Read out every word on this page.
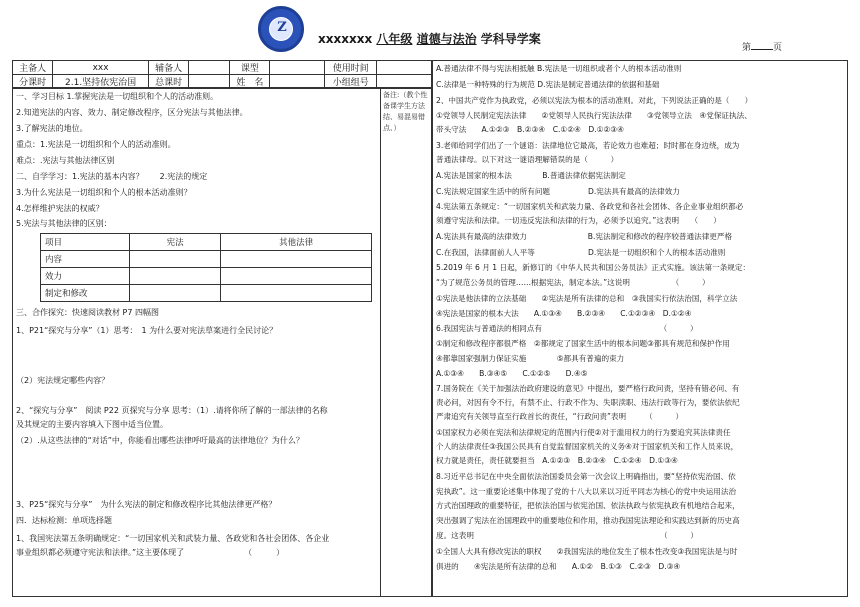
Z
xxxxxxx 八年级 道德与法治 学科导学案
第 页
主备人	xxx	辅备人		课型		使用时间	
分课时	2.1.坚持依宪治国	总课时		姓　名		小组组号	
备注:（教个性备课学生方法结、易混易错点、）
一、学习目标 1.掌握宪法是一切组织和个人的活动准则。
2.知道宪法的内容、效力、制定修改程序，区分宪法与其他法律。
3.了解宪法的地位。
重点：1.宪法是一切组织和个人的活动准则。
难点：.宪法与其他法律区别
二、自学学习：1.宪法的基本内容？　　2.宪法的规定
3.为什么宪法是一切组织和个人的根本活动准则？
4.怎样维护宪法的权威？
5.宪法与其他法律的区别：
项目	宪法	其他法律
内容		
效力		
制定和修改		
三、合作探究：快速阅读教材 P7 四幅图
1、P21“探究与分享”（1）思考：　1 为什么要对宪法草案进行全民讨论？
（2）宪法规定哪些内容？
2、“探究与分享”　阅读 P22 页探究与分享 思考：（1）.请将你所了解的一部法律的名称
及其规定的主要内容填入下图中适当位置。
（2）.从这些法律的“对话”中，你能看出哪些法律呼吁最高的法律地位？为什么？
3、P25“探究与分享”　为什么宪法的制定和修改程序比其他法律更严格？
四．达标检测：单项选择题
1、我国宪法第五条明确规定：“一切国家机关和武装力量、各政党和各社会团体、各企业
事业组织都必须遵守宪法和法律。”这主要体现了　　　　　　　　（　　　）
A.普通法律不得与宪法相抵触 B.宪法是一切组织或者个人的根本活动准则
C.法律是一种特殊的行为规范 D.宪法是制定普通法律的依据和基础
2、中国共产党作为执政党，必须以宪法为根本的活动准则。对此，下列说法正确的是（　　）
①党领导人民制定宪法法律　　②党领导人民执行宪法法律　　③党领导立法　④党保证执法、
带头守法　　A.①②③　B.②③④　C.①②④　D.①②③④
3.老师给同学们出了一个谜语：法律地位它最高，若论效力也难超；时时都在身边绕，成为
普通法律母。以下对这一谜语理解错误的是（　　　）
A.宪法是国家的根本法　　　　B.普通法律依据宪法制定
C.宪法规定国家生活中的所有问题　　　　　D.宪法具有最高的法律效力
4.宪法第五条规定：“一切国家机关和武装力量、各政党和各社会团体、各企业事业组织都必
须遵守宪法和法律。一切违反宪法和法律的行为，必须予以追究。”这表明　　（　　）
A.宪法具有最高的法律效力　　　　　　　　B.宪法制定和修改的程序较普通法律更严格
C.在我国，法律面前人人平等　　　　　　　D.宪法是一切组织和个人的根本活动准则
5.2019 年 6 月 1 日起，新修订的《中华人民共和国公务员法》正式实施。该法第一条规定：
“为了规范公务员的管理……根据宪法，制定本法。”这说明　　　　　　（　　　）
①宪法是他法律的立法基础　　②宪法是所有法律的总和　③我国实行依法治国，科学立法
④宪法是国家的根本大法　　A.①③④　　B.②③④　　C.①②③④　D.①②④
6.我国宪法与普通法的相同点有　　　　　　　　　　　　　　　　（　　　）
①制定和修改程序都很严格　②都规定了国家生活中的根本问题③都具有规范和保护作用
④都靠国家强制力保证实施　　　　⑤都具有普遍的束力
A.①③④　　B.③④⑤　　C.①②⑤　　D.④⑤
7.国务院在《关于加强法治政府建设的意见》中提出，要严格行政问责，坚持有错必问、有
责必问，对因有令不行，有禁不止、行政不作为、失职渎职、违法行政等行为，要依法依纪
严肃追究有关领导直至行政首长的责任，“行政问责”表明　　　（　　　）
①国家权力必须在宪法和法律规定的范围内行使②对于滥用权力的行为要追究其法律责任
个人的法律责任③我国公民具有自觉监督国家机关的义务④对于国家机关和工作人员来说，
权力就是责任，责任就要担当　A.①②③　B.②③④　C.①②④　D.①③④
8.习近平总书记在中央全面依法治国委员会第一次会议上明确指出，要“坚持依宪治国、依
宪执政”。这一重要论述集中体现了党的十八大以来以习近平同志为核心的党中央运用法治
方式治国理政的重要特征，把依法治国与依宪治国、依法执政与依宪执政有机地结合起来，
突出强调了宪法在治国理政中的重要地位和作用，推动我国宪法理论和实践达到新的历史高
度。这表明　　　　　　　　　　　　　　　　　　　　　　　　　（　　　）
①全国人大具有修改宪法的职权　　②我国宪法的地位发生了根本性改变③我国宪法是与时
俱进的　　④宪法是所有法律的总和　　A.①②　B.①③　C.②③　D.③④
